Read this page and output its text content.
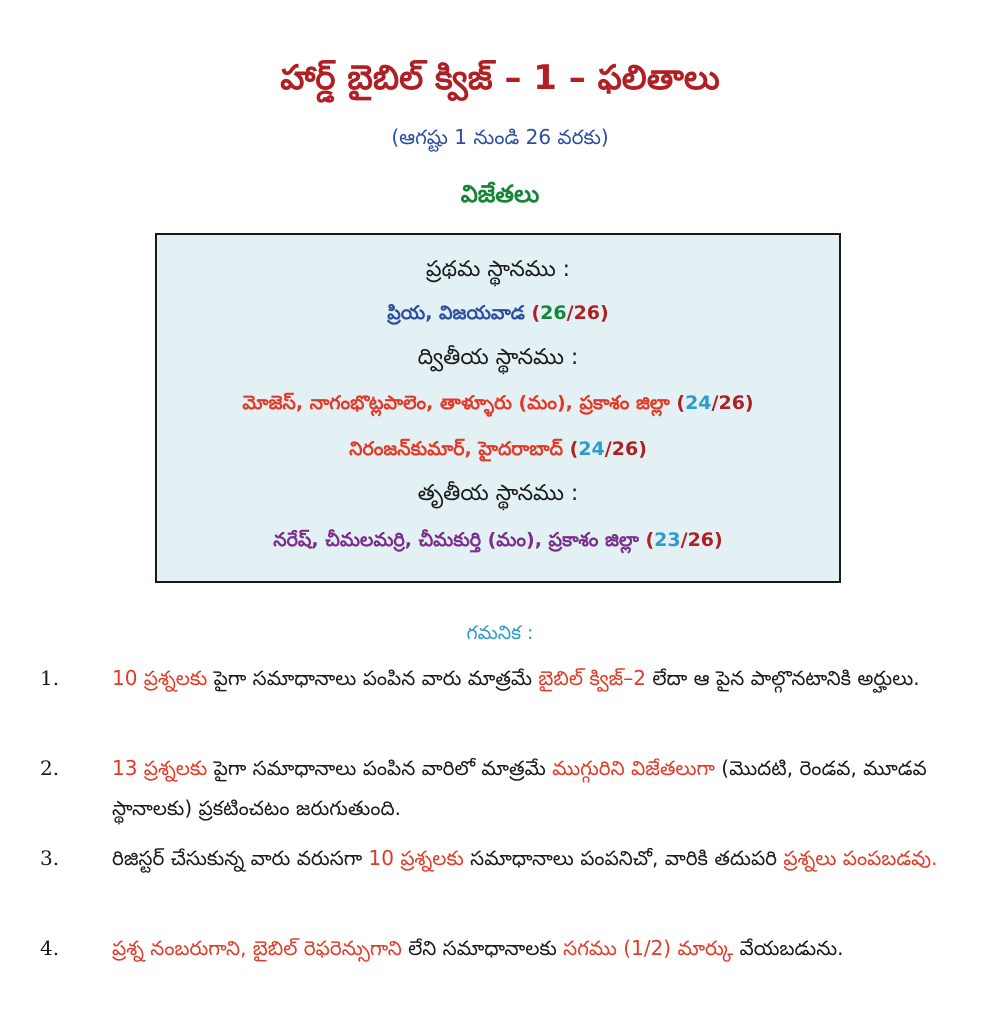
హార్డ్ బైబిల్ క్విజ్ – 1 – ఫలితాలు
(ఆగష్టు 1 నుండి 26 వరకు)
విజేతలు
ప్రథమ స్థానము :
ప్రియ, విజయవాడ (26/26)
ద్వితీయ స్థానము :
మోజెస్, నాగంభొట్లపాలెం, తాళ్ళూరు (మం), ప్రకాశం జిల్లా (24/26)
నిరంజన్‌కుమార్, హైదరాబాద్ (24/26)
తృతీయ స్థానము :
నరేష్, చీమలమర్రి, చీమకుర్తి (మం), ప్రకాశం జిల్లా (23/26)
గమనిక :
1.	10 ప్రశ్నలకు పైగా సమాధానాలు పంపిన వారు మాత్రమే బైబిల్ క్విజ్–2 లేదా ఆ పైన పాల్గొనటానికి అర్హులు.
2.	13 ప్రశ్నలకు పైగా సమాధానాలు పంపిన వారిలో మాత్రమే ముగ్గురిని విజేతలుగా (మొదటి, రెండవ, మూడవ స్థానాలకు) ప్రకటించటం జరుగుతుంది.
3.	రిజిస్టర్ చేసుకున్న వారు వరుసగా 10 ప్రశ్నలకు సమాధానాలు పంపనిచో, వారికి తదుపరి ప్రశ్నలు పంపబడవు.
4.	ప్రశ్న నంబరుగాని, బైబిల్ రెఫరెన్సుగాని లేని సమాధానాలకు సగము (1/2) మార్కు వేయబడును.
